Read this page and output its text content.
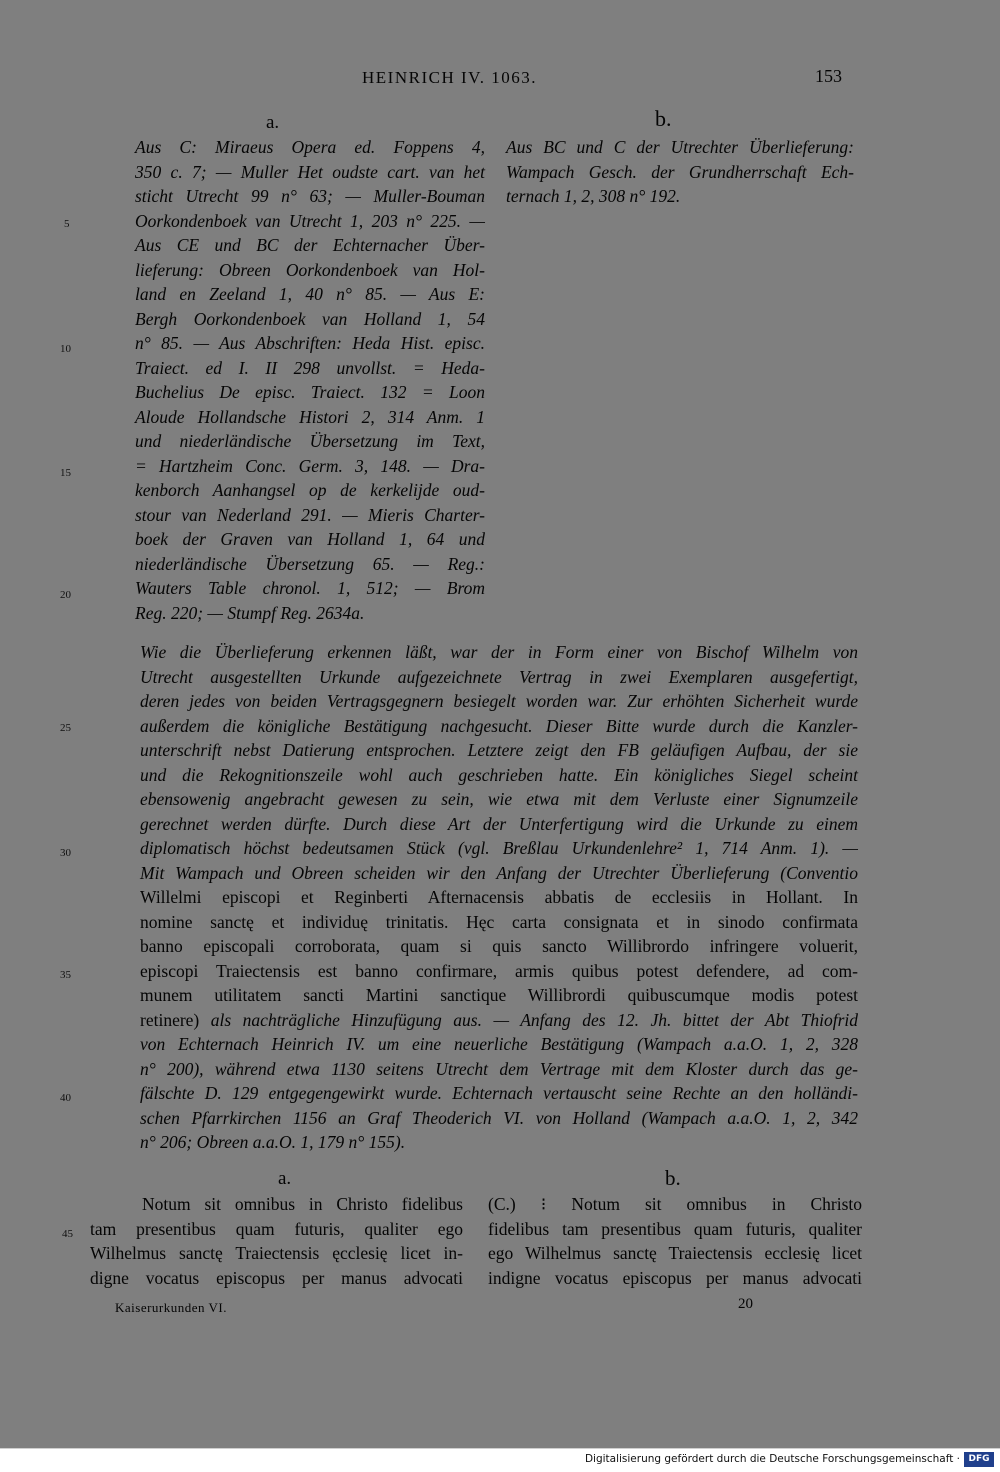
HEINRICH IV. 1063.	153
a.	b.
Aus C: Miraeus Opera ed. Foppens 4,
350 c. 7; — Muller Het oudste cart. van het
sticht Utrecht 99 n° 63; — Muller-Bouman
Oorkondenboek van Utrecht 1, 203 n° 225. —
Aus CE und BC der Echternacher Über-
lieferung: Obreen Oorkondenboek van Hol-
land en Zeeland 1, 40 n° 85. — Aus E:
Bergh Oorkondenboek van Holland 1, 54
n° 85. — Aus Abschriften: Heda Hist. episc.
Traiect. ed I. II 298 unvollst. = Heda-
Buchelius De episc. Traiect. 132 = Loon
Aloude Hollandsche Histori 2, 314 Anm. 1
und niederländische Übersetzung im Text,
= Hartzheim Conc. Germ. 3, 148. — Dra-
kenborch Aanhangsel op de kerkelijde oud-
stour van Nederland 291. — Mieris Charter-
boek der Graven van Holland 1, 64 und
niederländische Übersetzung 65. — Reg.:
Wauters Table chronol. 1, 512; — Brom
Reg. 220; — Stumpf Reg. 2634a.
Aus BC und C der Utrechter Überlieferung:
Wampach Gesch. der Grundherrschaft Ech-
ternach 1, 2, 308 n° 192.
Wie die Überlieferung erkennen läßt, war der in Form einer von Bischof Wilhelm von
Utrecht ausgestellten Urkunde aufgezeichnete Vertrag in zwei Exemplaren ausgefertigt,
deren jedes von beiden Vertragsgegnern besiegelt worden war. Zur erhöhten Sicherheit wurde
außerdem die königliche Bestätigung nachgesucht. Dieser Bitte wurde durch die Kanzler-
unterschrift nebst Datierung entsprochen. Letztere zeigt den FB geläufigen Aufbau, der sie
und die Rekognitionszeile wohl auch geschrieben hatte. Ein königliches Siegel scheint
ebensowenig angebracht gewesen zu sein, wie etwa mit dem Verluste einer Signumzeile
gerechnet werden dürfte. Durch diese Art der Unterfertigung wird die Urkunde zu einem
diplomatisch höchst bedeutsamen Stück (vgl. Breßlau Urkundenlehre² 1, 714 Anm. 1). —
Mit Wampach und Obreen scheiden wir den Anfang der Utrechter Überlieferung (Conventio
Willelmi episcopi et Reginberti Afternacensis abbatis de ecclesiis in Hollant. In
nomine sanctę et individuę trinitatis. Hęc carta consignata et in sinodo confirmata
banno episcopali corroborata, quam si quis sancto Willibrordo infringere voluerit,
episcopi Traiectensis est banno confirmare, armis quibus potest defendere, ad com-
munem utilitatem sancti Martini sanctique Willibrordi quibuscumque modis potest
retinere) als nachträgliche Hinzufügung aus. — Anfang des 12. Jh. bittet der Abt Thiofrid
von Echternach Heinrich IV. um eine neuerliche Bestätigung (Wampach a.a.O. 1, 2, 328
n° 200), während etwa 1130 seitens Utrecht dem Vertrage mit dem Kloster durch das ge-
fälschte D. 129 entgegengewirkt wurde. Echternach vertauscht seine Rechte an den holländi-
schen Pfarrkirchen 1156 an Graf Theoderich VI. von Holland (Wampach a.a.O. 1, 2, 342
n° 206; Obreen a.a.O. 1, 179 n° 155).
a.	b.
Notum sit omnibus in Christo fidelibus
tam presentibus quam futuris, qualiter ego
Wilhelmus sanctę Traiectensis ęcclesię licet in-
digne vocatus episcopus per manus advocati
(C.) ⁝ Notum sit omnibus in Christo
fidelibus tam presentibus quam futuris, qualiter
ego Wilhelmus sanctę Traiectensis ecclesię licet
indigne vocatus episcopus per manus advocati
5
10
15
20
25
30
35
40
45
Kaiserurkunden VI.	20
Digitalisierung gefördert durch die Deutsche Forschungsgemeinschaft · DFG
